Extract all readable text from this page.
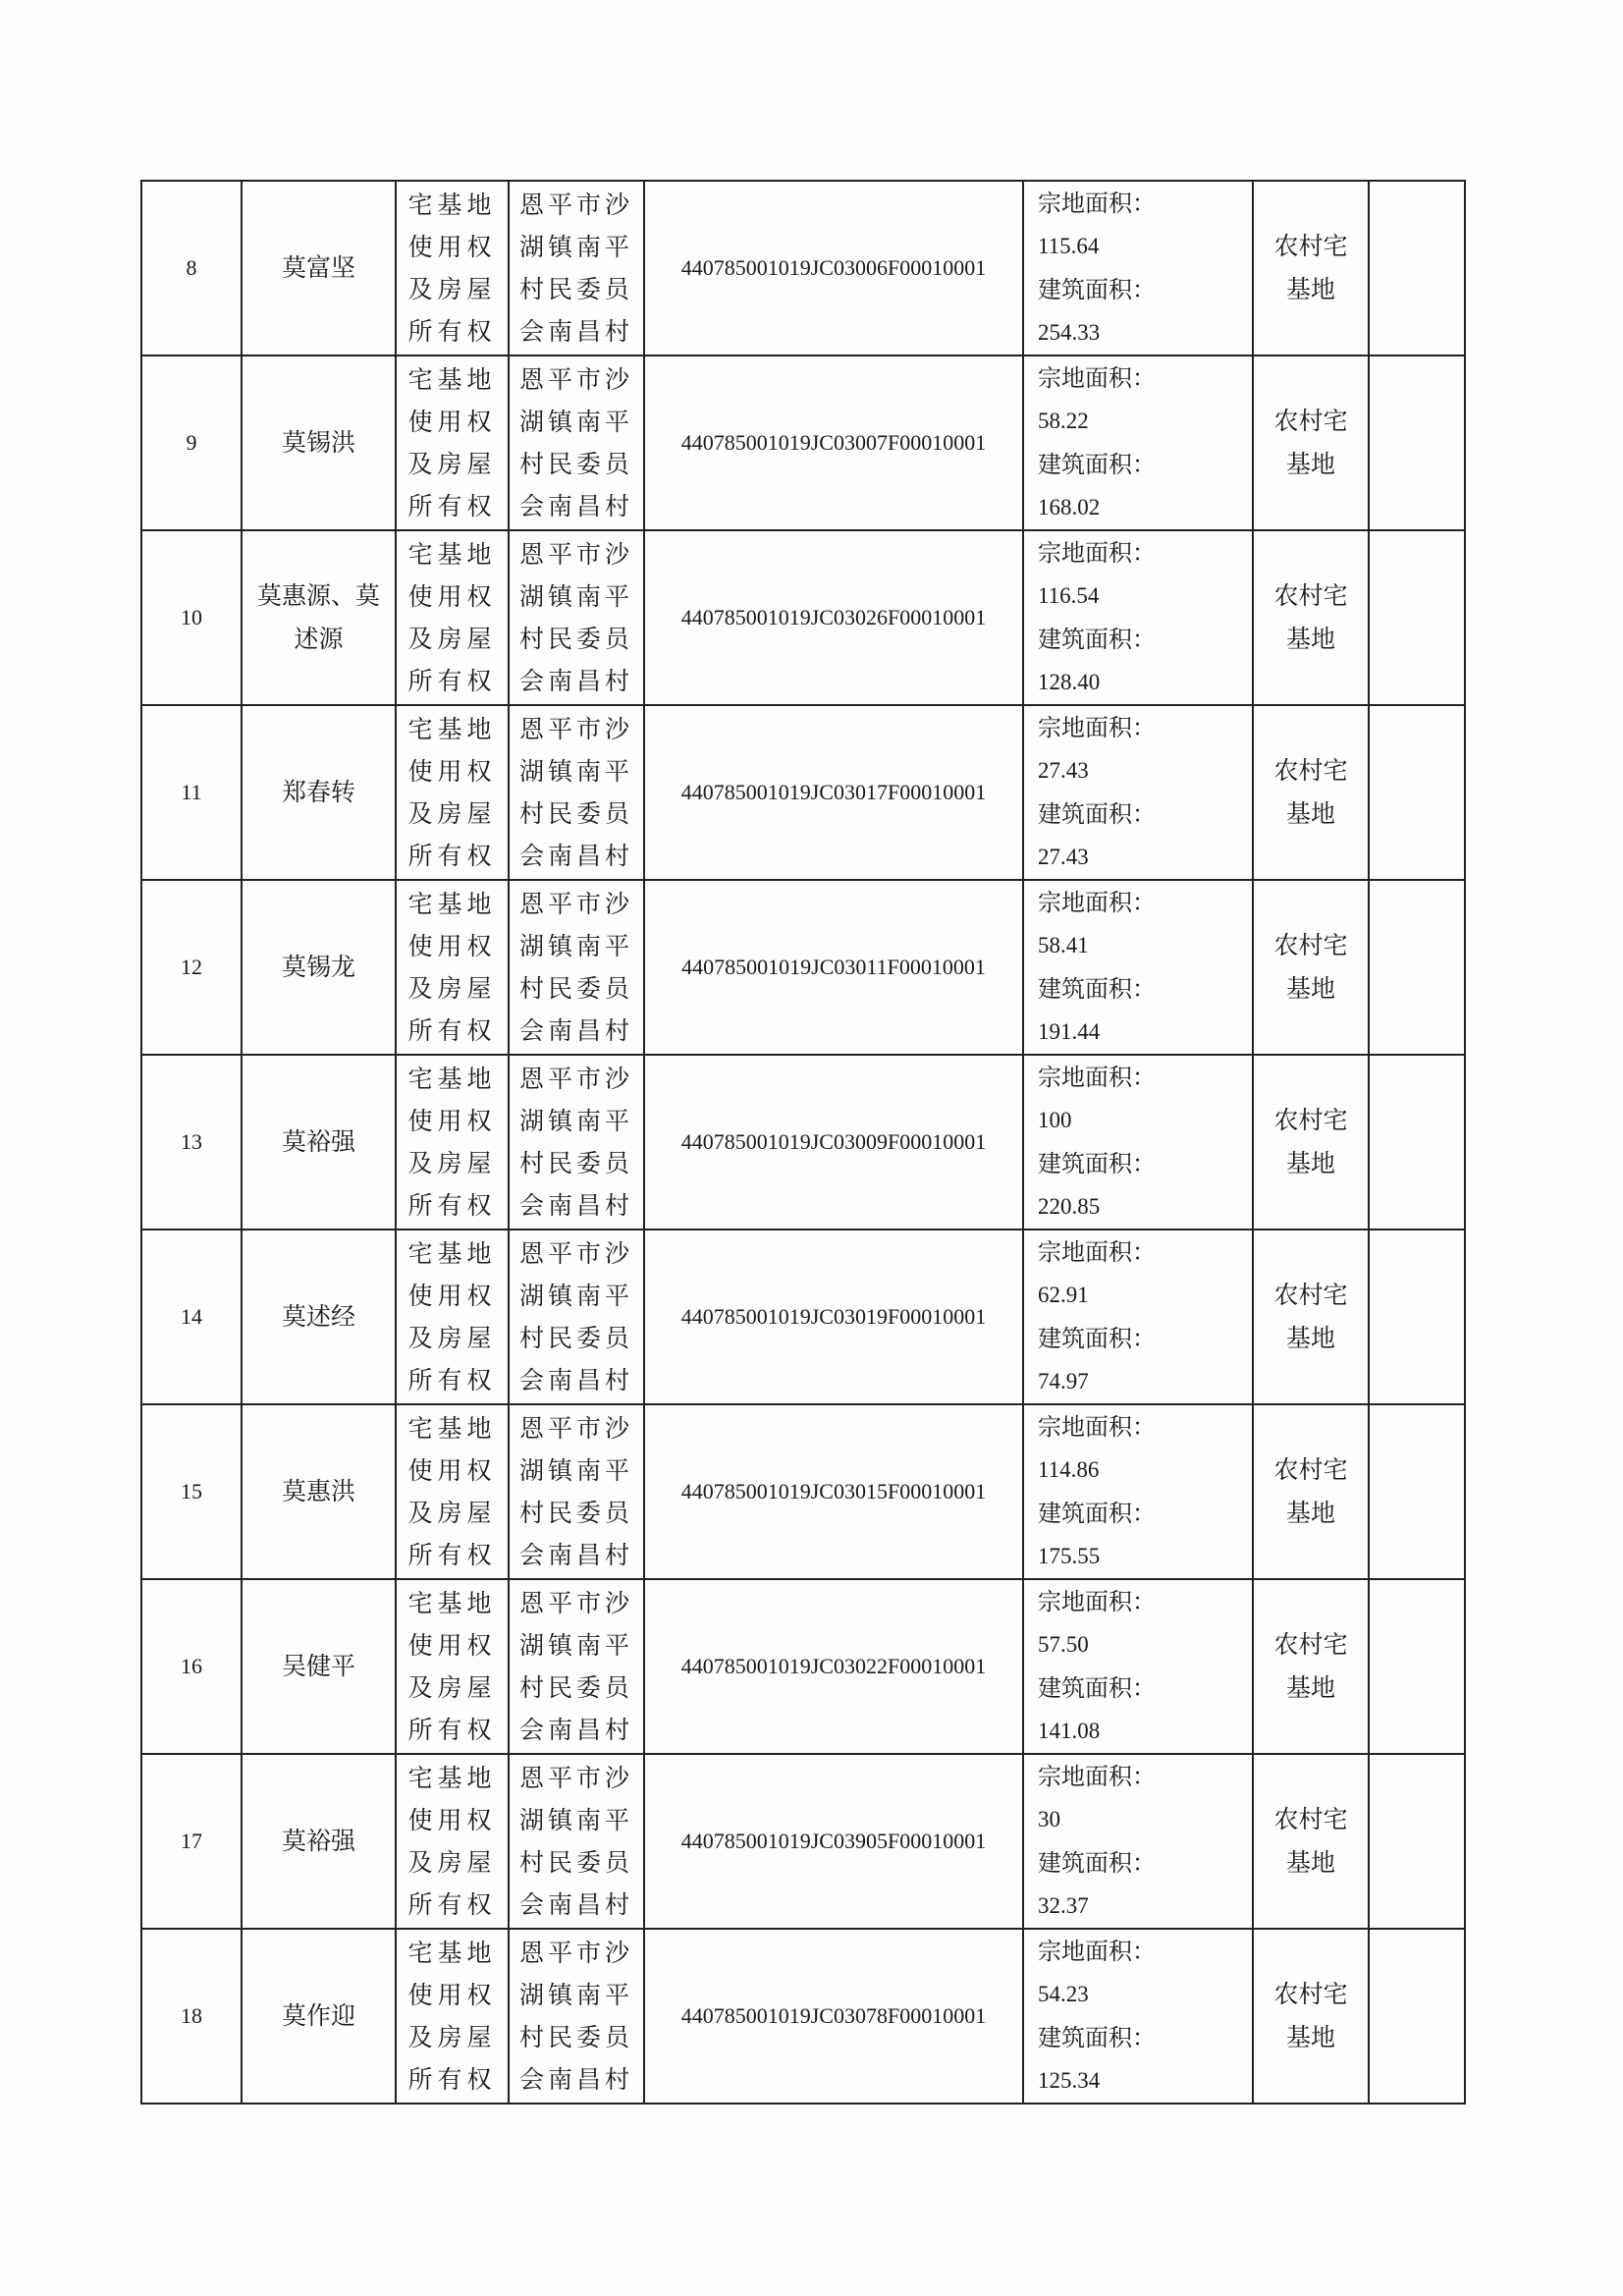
8	莫富坚	宅基地
使用权
及房屋
所有权	恩平市沙
湖镇南平
村民委员
会南昌村	440785001019JC03006F00010001	宗地面积：
115.64
建筑面积：
254.33	农村宅
基地	

9	莫锡洪	宅基地
使用权
及房屋
所有权	恩平市沙
湖镇南平
村民委员
会南昌村	440785001019JC03007F00010001	宗地面积：
58.22
建筑面积：
168.02	农村宅
基地	

10	莫惠源、莫
述源	宅基地
使用权
及房屋
所有权	恩平市沙
湖镇南平
村民委员
会南昌村	440785001019JC03026F00010001	宗地面积：
116.54
建筑面积：
128.40	农村宅
基地	

11	郑春转	宅基地
使用权
及房屋
所有权	恩平市沙
湖镇南平
村民委员
会南昌村	440785001019JC03017F00010001	宗地面积：
27.43
建筑面积：
27.43	农村宅
基地	

12	莫锡龙	宅基地
使用权
及房屋
所有权	恩平市沙
湖镇南平
村民委员
会南昌村	440785001019JC03011F00010001	宗地面积：
58.41
建筑面积：
191.44	农村宅
基地	

13	莫裕强	宅基地
使用权
及房屋
所有权	恩平市沙
湖镇南平
村民委员
会南昌村	440785001019JC03009F00010001	宗地面积：
100
建筑面积：
220.85	农村宅
基地	

14	莫述经	宅基地
使用权
及房屋
所有权	恩平市沙
湖镇南平
村民委员
会南昌村	440785001019JC03019F00010001	宗地面积：
62.91
建筑面积：
74.97	农村宅
基地	

15	莫惠洪	宅基地
使用权
及房屋
所有权	恩平市沙
湖镇南平
村民委员
会南昌村	440785001019JC03015F00010001	宗地面积：
114.86
建筑面积：
175.55	农村宅
基地	

16	吴健平	宅基地
使用权
及房屋
所有权	恩平市沙
湖镇南平
村民委员
会南昌村	440785001019JC03022F00010001	宗地面积：
57.50
建筑面积：
141.08	农村宅
基地	

17	莫裕强	宅基地
使用权
及房屋
所有权	恩平市沙
湖镇南平
村民委员
会南昌村	440785001019JC03905F00010001	宗地面积：
30
建筑面积：
32.37	农村宅
基地	

18	莫作迎	宅基地
使用权
及房屋
所有权	恩平市沙
湖镇南平
村民委员
会南昌村	440785001019JC03078F00010001	宗地面积：
54.23
建筑面积：
125.34	农村宅
基地	
